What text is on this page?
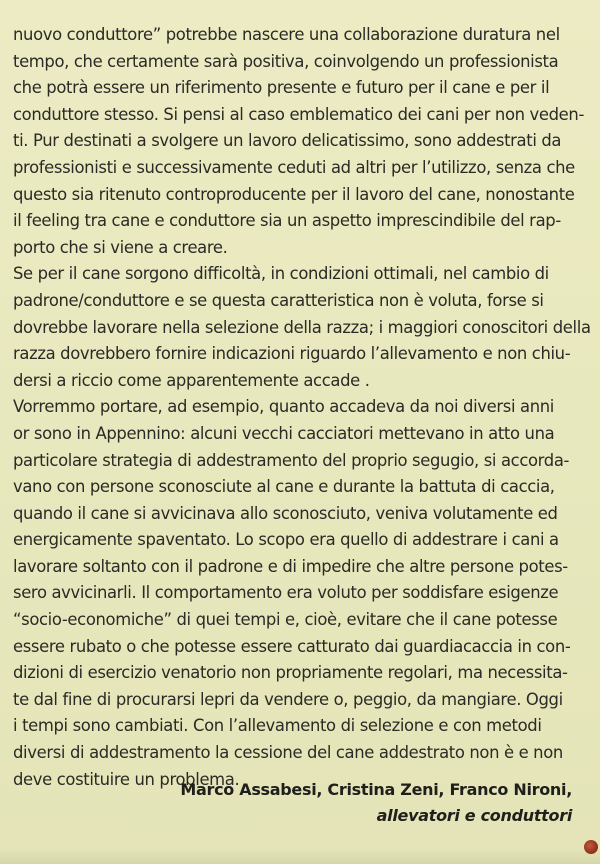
nuovo conduttore” potrebbe nascere una collaborazione duratura nel
tempo, che certamente sarà positiva, coinvolgendo un professionista
che potrà essere un riferimento presente e futuro per il cane e per il
conduttore stesso. Si pensi al caso emblematico dei cani per non veden-
ti. Pur destinati a svolgere un lavoro delicatissimo, sono addestrati da
professionisti e successivamente ceduti ad altri per l’utilizzo, senza che
questo sia ritenuto controproducente per il lavoro del cane, nonostante
il feeling tra cane e conduttore sia un aspetto imprescindibile del rap-
porto che si viene a creare.
Se per il cane sorgono difficoltà, in condizioni ottimali, nel cambio di
padrone/conduttore e se questa caratteristica non è voluta, forse si
dovrebbe lavorare nella selezione della razza; i maggiori conoscitori della
razza dovrebbero fornire indicazioni riguardo l’allevamento e non chiu-
dersi a riccio come apparentemente accade .
Vorremmo portare, ad esempio, quanto accadeva da noi diversi anni
or sono in Appennino: alcuni vecchi cacciatori mettevano in atto una
particolare strategia di addestramento del proprio segugio, si accorda-
vano con persone sconosciute al cane e durante la battuta di caccia,
quando il cane si avvicinava allo sconosciuto, veniva volutamente ed
energicamente spaventato. Lo scopo era quello di addestrare i cani a
lavorare soltanto con il padrone e di impedire che altre persone potes-
sero avvicinarli. Il comportamento era voluto per soddisfare esigenze
“socio-economiche” di quei tempi e, cioè, evitare che il cane potesse
essere rubato o che potesse essere catturato dai guardiacaccia in con-
dizioni di esercizio venatorio non propriamente regolari, ma necessita-
te dal fine di procurarsi lepri da vendere o, peggio, da mangiare. Oggi
i tempi sono cambiati. Con l’allevamento di selezione e con metodi
diversi di addestramento la cessione del cane addestrato non è e non
deve costituire un problema.
Marco Assabesi, Cristina Zeni, Franco Nironi,
allevatori e conduttori
